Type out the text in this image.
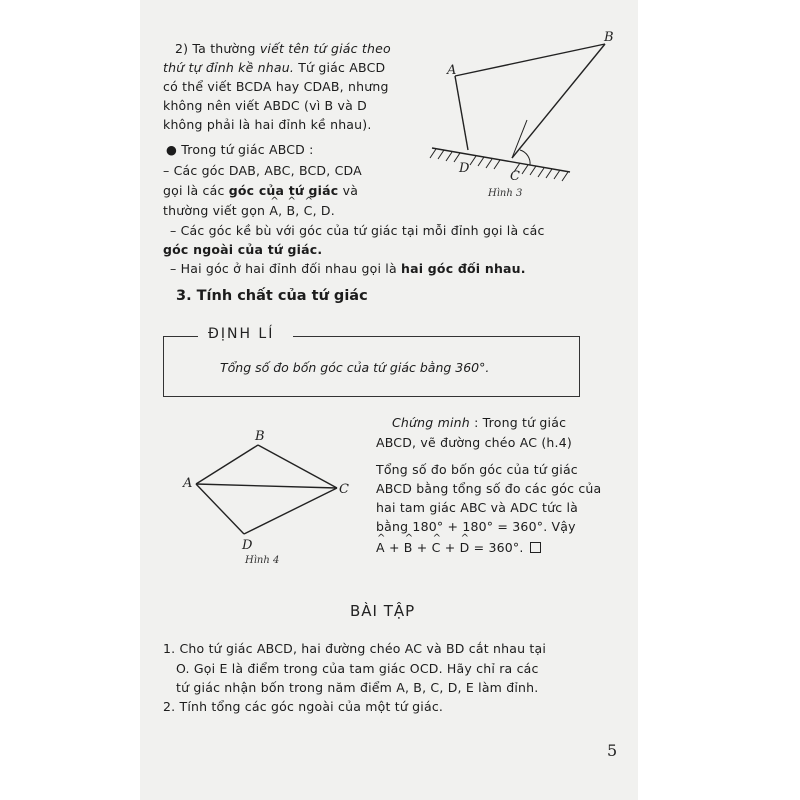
2) Ta thường viết tên tứ giác theo
thứ tự đỉnh kề nhau. Tứ giác ABCD
có thể viết BCDA hay CDAB, nhưng
không nên viết ABDC (vì B và D
không phải là hai đỉnh kề nhau).
● Trong tứ giác ABCD :
– Các góc DAB, ABC, BCD, CDA
gọi là các góc của tứ giác và
thường viết gọn ^ A, ^ B, ^ C, D.
– Các góc kề bù với góc của tứ giác tại mỗi đỉnh gọi là các
góc ngoài của tứ giác.
– Hai góc ở hai đỉnh đối nhau gọi là hai góc đối nhau.
A
B
C
D
Hình 3
3. Tính chất của tứ giác
ĐỊNH LÍ
Tổng số đo bốn góc của tứ giác bằng 360°.
Chứng minh : Trong tứ giác
ABCD, vẽ đường chéo AC (h.4)
Tổng số đo bốn góc của tứ giác
ABCD bằng tổng số đo các góc của
hai tam giác ABC và ADC tức là
bằng 180° + 180° = 360°. Vậy
^ A + ^ B + ^ C + ^ D = 360°.
A
B
C
D
Hình 4
BÀI TẬP
1. Cho tứ giác ABCD, hai đường chéo AC và BD cắt nhau tại
O. Gọi E là điểm trong của tam giác OCD. Hãy chỉ ra các
tứ giác nhận bốn trong năm điểm A, B, C, D, E làm đỉnh.
2. Tính tổng các góc ngoài của một tứ giác.
5
